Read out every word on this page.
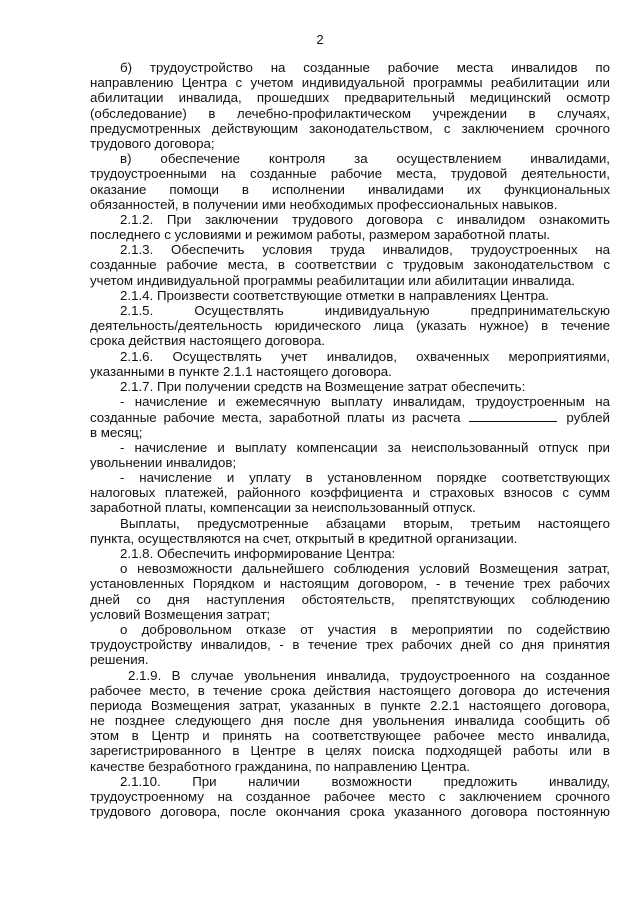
2
б) трудоустройство на созданные рабочие места инвалидов по
направлению Центра с учетом индивидуальной программы реабилитации или
абилитации инвалида, прошедших предварительный медицинский осмотр
(обследование) в лечебно-профилактическом учреждении в случаях,
предусмотренных действующим законодательством, с заключением срочного
трудового договора;
в) обеспечение контроля за осуществлением инвалидами,
трудоустроенными на созданные рабочие места, трудовой деятельности,
оказание помощи в исполнении инвалидами их функциональных
обязанностей, в получении ими необходимых профессиональных навыков.
2.1.2. При заключении трудового договора с инвалидом ознакомить
последнего с условиями и режимом работы, размером заработной платы.
2.1.3. Обеспечить условия труда инвалидов, трудоустроенных на
созданные рабочие места, в соответствии с трудовым законодательством с
учетом индивидуальной программы реабилитации или абилитации инвалида.
2.1.4. Произвести соответствующие отметки в направлениях Центра.
2.1.5. Осуществлять индивидуальную предпринимательскую
деятельность/деятельность юридического лица (указать нужное) в течение
срока действия настоящего договора.
2.1.6. Осуществлять учет инвалидов, охваченных мероприятиями,
указанными в пункте 2.1.1 настоящего договора.
2.1.7. При получении средств на Возмещение затрат обеспечить:
- начисление и ежемесячную выплату инвалидам, трудоустроенным на
созданные рабочие места, заработной платы из расчета	рублей
в месяц;
- начисление и выплату компенсации за неиспользованный отпуск при
увольнении инвалидов;
- начисление и уплату в установленном порядке соответствующих
налоговых платежей, районного коэффициента и страховых взносов с сумм
заработной платы, компенсации за неиспользованный отпуск.
Выплаты, предусмотренные абзацами вторым, третьим настоящего
пункта, осуществляются на счет, открытый в кредитной организации.
2.1.8. Обеспечить информирование Центра:
о невозможности дальнейшего соблюдения условий Возмещения затрат,
установленных Порядком и настоящим договором, - в течение трех рабочих
дней со дня наступления обстоятельств, препятствующих соблюдению
условий Возмещения затрат;
о добровольном отказе от участия в мероприятии по содействию
трудоустройству инвалидов, - в течение трех рабочих дней со дня принятия
решения.
2.1.9. В случае увольнения инвалида, трудоустроенного на созданное
рабочее место, в течение срока действия настоящего договора до истечения
периода Возмещения затрат, указанных в пункте 2.2.1 настоящего договора,
не позднее следующего дня после дня увольнения инвалида сообщить об
этом в Центр и принять на соответствующее рабочее место инвалида,
зарегистрированного в Центре в целях поиска подходящей работы или в
качестве безработного гражданина, по направлению Центра.
2.1.10. При наличии возможности предложить инвалиду,
трудоустроенному на созданное рабочее место с заключением срочного
трудового договора, после окончания срока указанного договора постоянную
